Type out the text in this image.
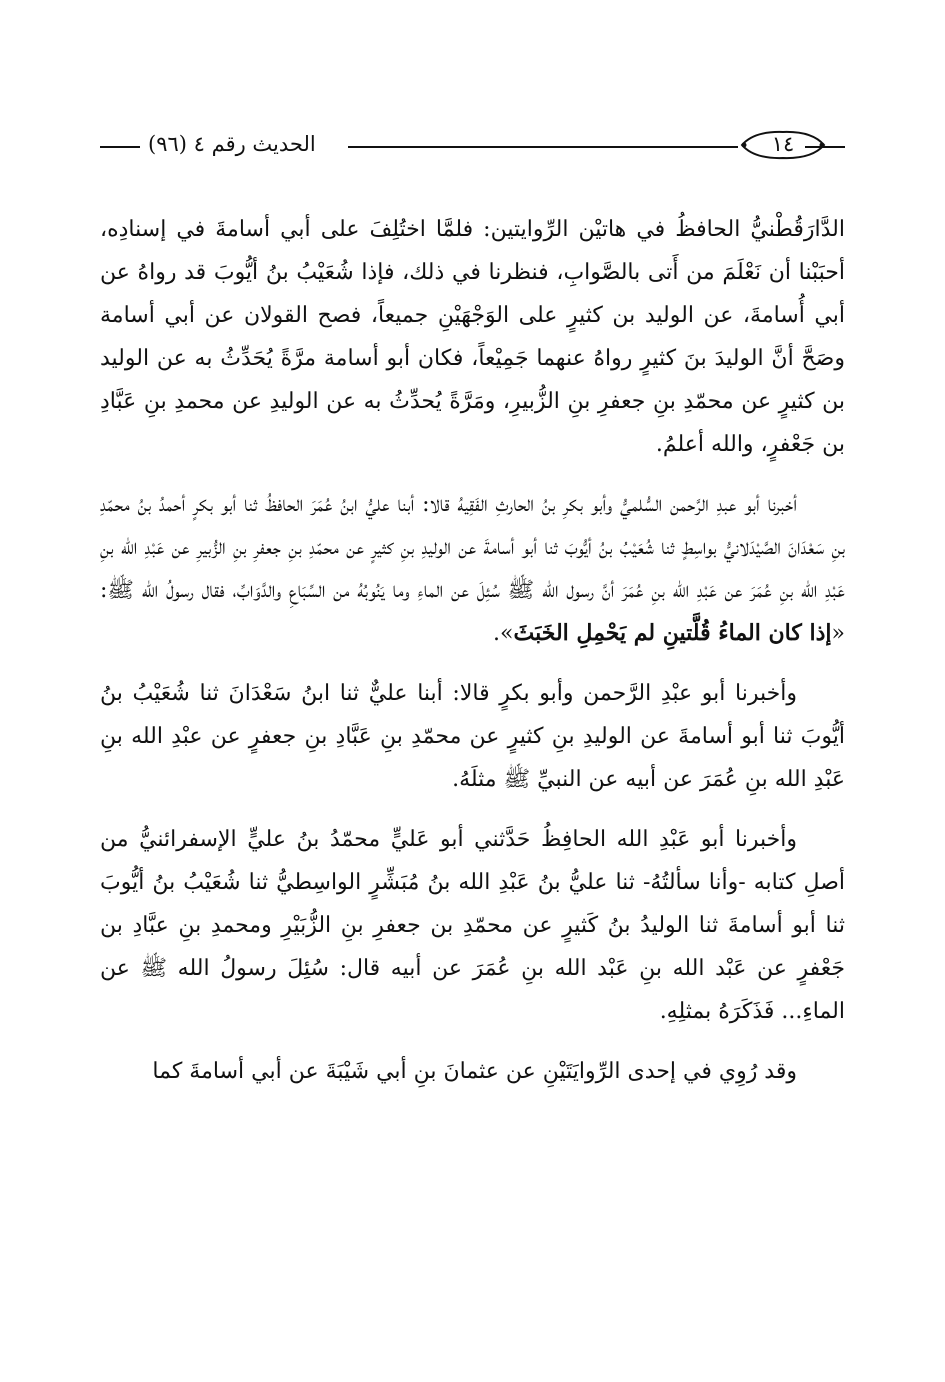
الحديث رقم ٤ (٩٦)	١٤

الدَّارَقُطْنيُّ الحافظُ في هاتيْن الرِّوايتين: فلمَّا اختُلِفَ على أبي أسامةَ في إسنادِه، أحبَبْنا أن نَعْلَمَ من أَتى بالصَّوابِ، فنظرنا في ذلك، فإذا شُعَيْبُ بنُ أيُّوبَ قد رواهُ عن أبي أُسامةَ، عن الوليد بن كثيرٍ على الوَجْهَيْنِ جميعاً، فصح القولان عن أبي أسامة وصَحَّ أنَّ الوليدَ بنَ كثيرٍ رواهُ عنهما جَمِيْعاً، فكان أبو أسامة مرَّةً يُحَدِّثُ به عن الوليد بن كثيرٍ عن محمّدِ بنِ جعفرِ بنِ الزُّبيرِ، ومَرَّةً يُحدِّثُ به عن الوليدِ عن محمدِ بنِ عَبَّادِ بن جَعْفرٍ، والله أعلمُ.

أخبرنا أبو عبدِ الرَّحمن السُّلميُّ وأبو بكرِ بنُ الحارثِ الفَقِيهُ قالا: أبنا عليُّ ابنُ عُمَرَ الحافظُ ثنا أبو بكرٍ أحمدُ بنُ محمّدِ بنِ سَعْدَانَ الصَّيْدَلانيُّ بواسِطٍ ثنا شُعَيْبُ بنُ أيُّوبَ ثنا أبو أسامةَ عن الوليدِ بنِ كثيرٍ عن محمّدِ بنِ جعفرِ بنِ الزُّبيرِ عن عَبْدِ الله بنِ عَبْدِ الله بنِ عُمَرَ عن عَبْدِ الله بنِ عُمَرَ أنَّ رسول الله ﷺ سُئِلَ عن الماءِ وما يَنُوبُهُ من السِّبَاعِ والدَّوَابِّ، فقال رسولُ الله ﷺ: «إذا كان الماءُ قُلَّتينِ لم يَحْمِلِ الخَبَثَ».

وأخبرنا أبو عبْدِ الرَّحمن وأبو بكرٍ قالا: أبنا عليٌّ ثنا ابنُ سَعْدَانَ ثنا شُعَيْبُ بنُ أيُّوبَ ثنا أبو أسامةَ عن الوليدِ بنِ كثيرٍ عن محمّدِ بنِ عَبَّادِ بنِ جعفرٍ عن عبْدِ الله بنِ عَبْدِ الله بنِ عُمَرَ عن أبيه عن النبيِّ ﷺ مثلَهُ.

وأخبرنا أبو عَبْدِ الله الحافِظُ حَدَّثني أبو عَليٍّ محمّدُ بنُ عليٍّ الإسفرائنيُّ من أصلِ كتابه -وأنا سألتُهُ- ثنا عليُّ بنُ عَبْدِ الله بنُ مُبَشِّرٍ الواسِطيُّ ثنا شُعَيْبُ بنُ أيُّوبَ ثنا أبو أسامةَ ثنا الوليدُ بنُ كَثيرٍ عن محمّدِ بن جعفرِ بنِ الزُّبَيْرِ ومحمدِ بنِ عبَّادِ بن جَعْفرٍ عن عَبْد الله بنِ عَبْد الله بنِ عُمَرَ عن أبيه قال: سُئِلَ رسولُ الله ﷺ عن الماءِ... فَذَكَرَهُ بمثلِهِ.

وقد رُوِي في إحدى الرِّوايَتَيْنِ عن عثمانَ بنِ أبي شَيْبَةَ عن أبي أسامةَ كما
